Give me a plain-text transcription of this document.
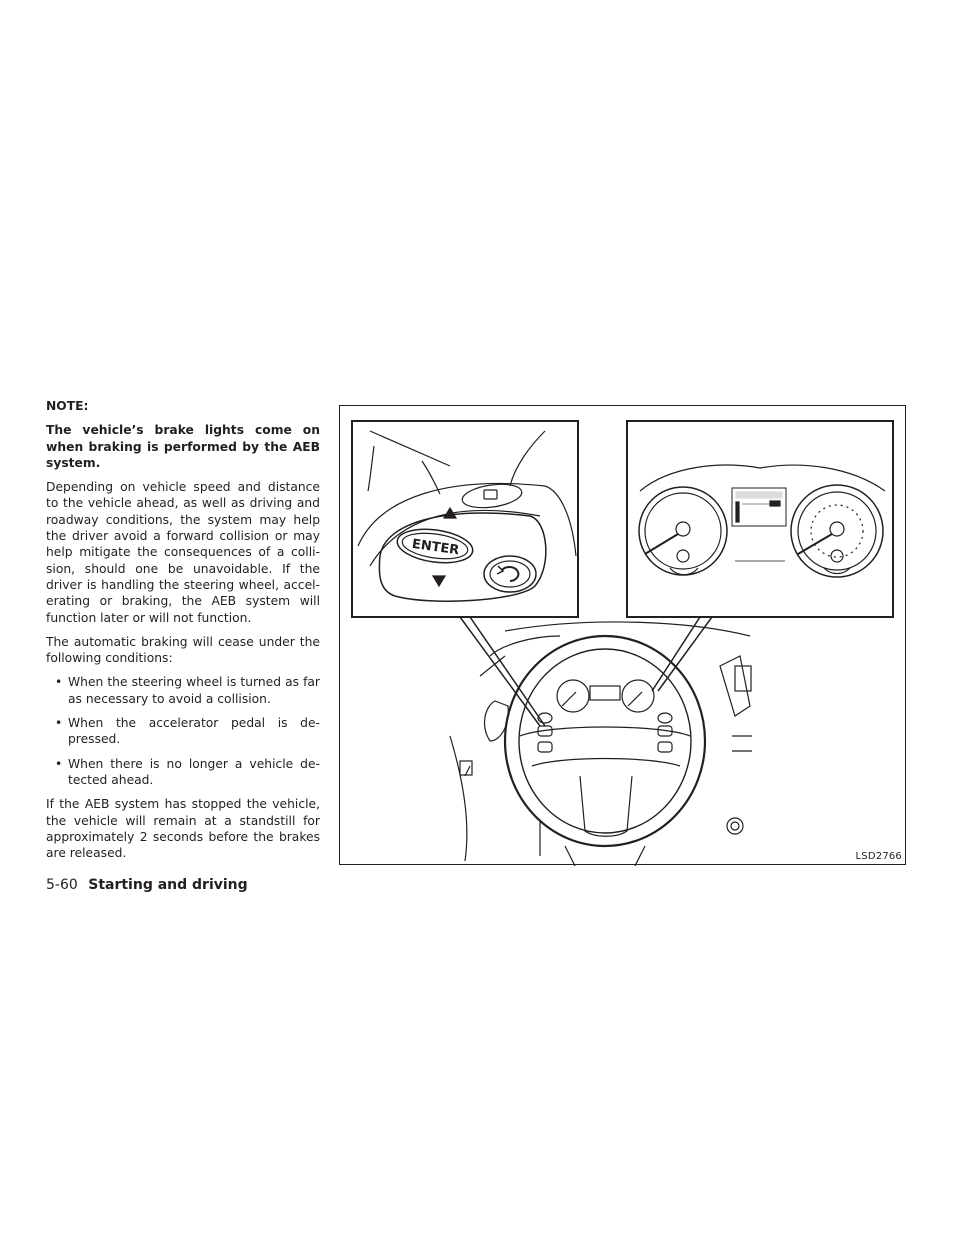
NOTE:

The vehicle’s brake lights come on when braking is performed by the AEB system.

Depending on vehicle speed and distance to the vehicle ahead, as well as driving and roadway conditions, the system may help the driver avoid a forward collision or may help mitigate the consequences of a colli-sion, should one be unavoidable. If the driver is handling the steering wheel, accel-erating or braking, the AEB system will function later or will not function.

The automatic braking will cease under the following conditions:

• When the steering wheel is turned as far as necessary to avoid a collision.
• When the accelerator pedal is de-pressed.
• When there is no longer a vehicle de-tected ahead.

If the AEB system has stopped the vehicle, the vehicle will remain at a standstill for approximately 2 seconds before the brakes are released.

ENTER
LSD2766
5-60 Starting and driving
